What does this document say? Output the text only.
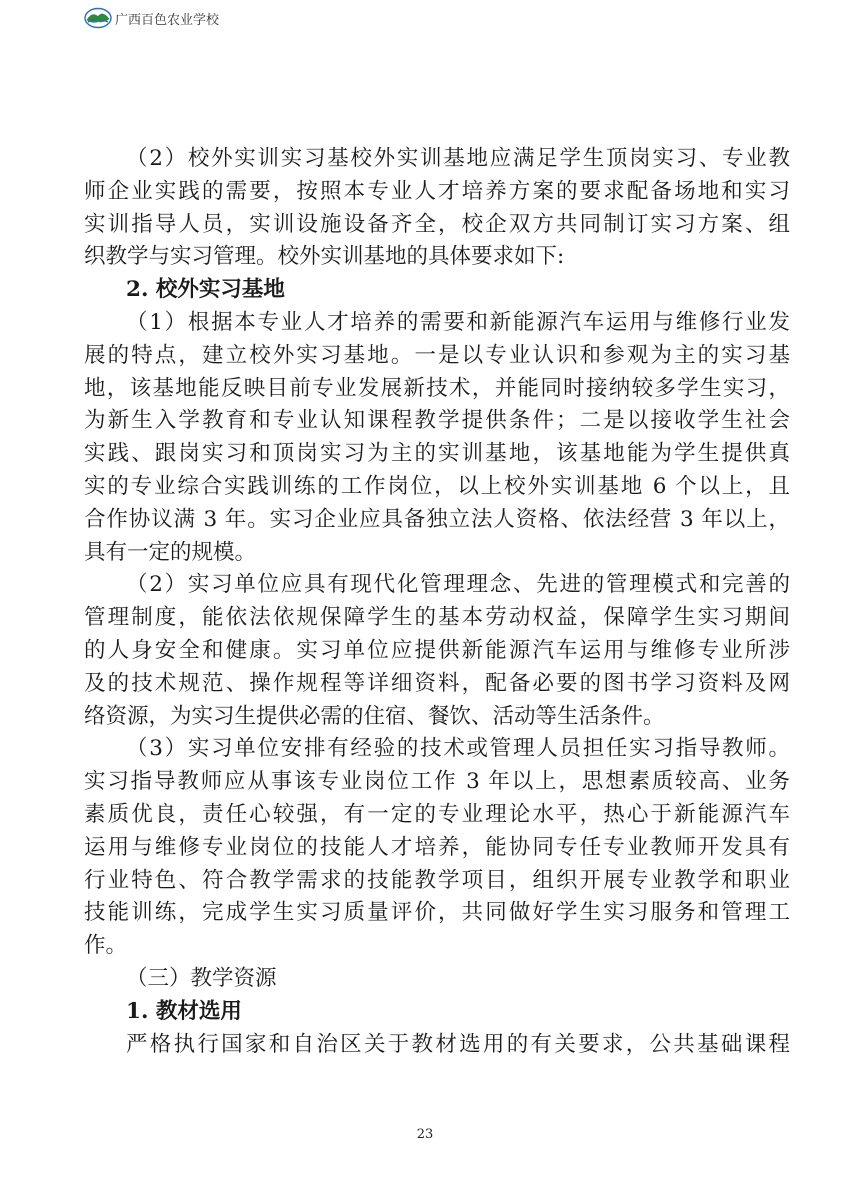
广西百色农业学校
（2）校外实训实习基校外实训基地应满足学生顶岗实习、专业教
师企业实践的需要，按照本专业人才培养方案的要求配备场地和实习
实训指导人员，实训设施设备齐全，校企双方共同制订实习方案、组
织教学与实习管理。校外实训基地的具体要求如下:
2. 校外实习基地
（1）根据本专业人才培养的需要和新能源汽车运用与维修行业发
展的特点，建立校外实习基地。一是以专业认识和参观为主的实习基
地，该基地能反映目前专业发展新技术，并能同时接纳较多学生实习，
为新生入学教育和专业认知课程教学提供条件；二是以接收学生社会
实践、跟岗实习和顶岗实习为主的实训基地，该基地能为学生提供真
实的专业综合实践训练的工作岗位，以上校外实训基地 6 个以上，且
合作协议满 3 年。实习企业应具备独立法人资格、依法经营 3 年以上，
具有一定的规模。
（2）实习单位应具有现代化管理理念、先进的管理模式和完善的
管理制度，能依法依规保障学生的基本劳动权益，保障学生实习期间
的人身安全和健康。实习单位应提供新能源汽车运用与维修专业所涉
及的技术规范、操作规程等详细资料，配备必要的图书学习资料及网
络资源，为实习生提供必需的住宿、餐饮、活动等生活条件。
（3）实习单位安排有经验的技术或管理人员担任实习指导教师。
实习指导教师应从事该专业岗位工作 3 年以上，思想素质较高、业务
素质优良，责任心较强，有一定的专业理论水平，热心于新能源汽车
运用与维修专业岗位的技能人才培养，能协同专任专业教师开发具有
行业特色、符合教学需求的技能教学项目，组织开展专业教学和职业
技能训练，完成学生实习质量评价，共同做好学生实习服务和管理工
作。
（三）教学资源
1. 教材选用
严格执行国家和自治区关于教材选用的有关要求，公共基础课程
23
